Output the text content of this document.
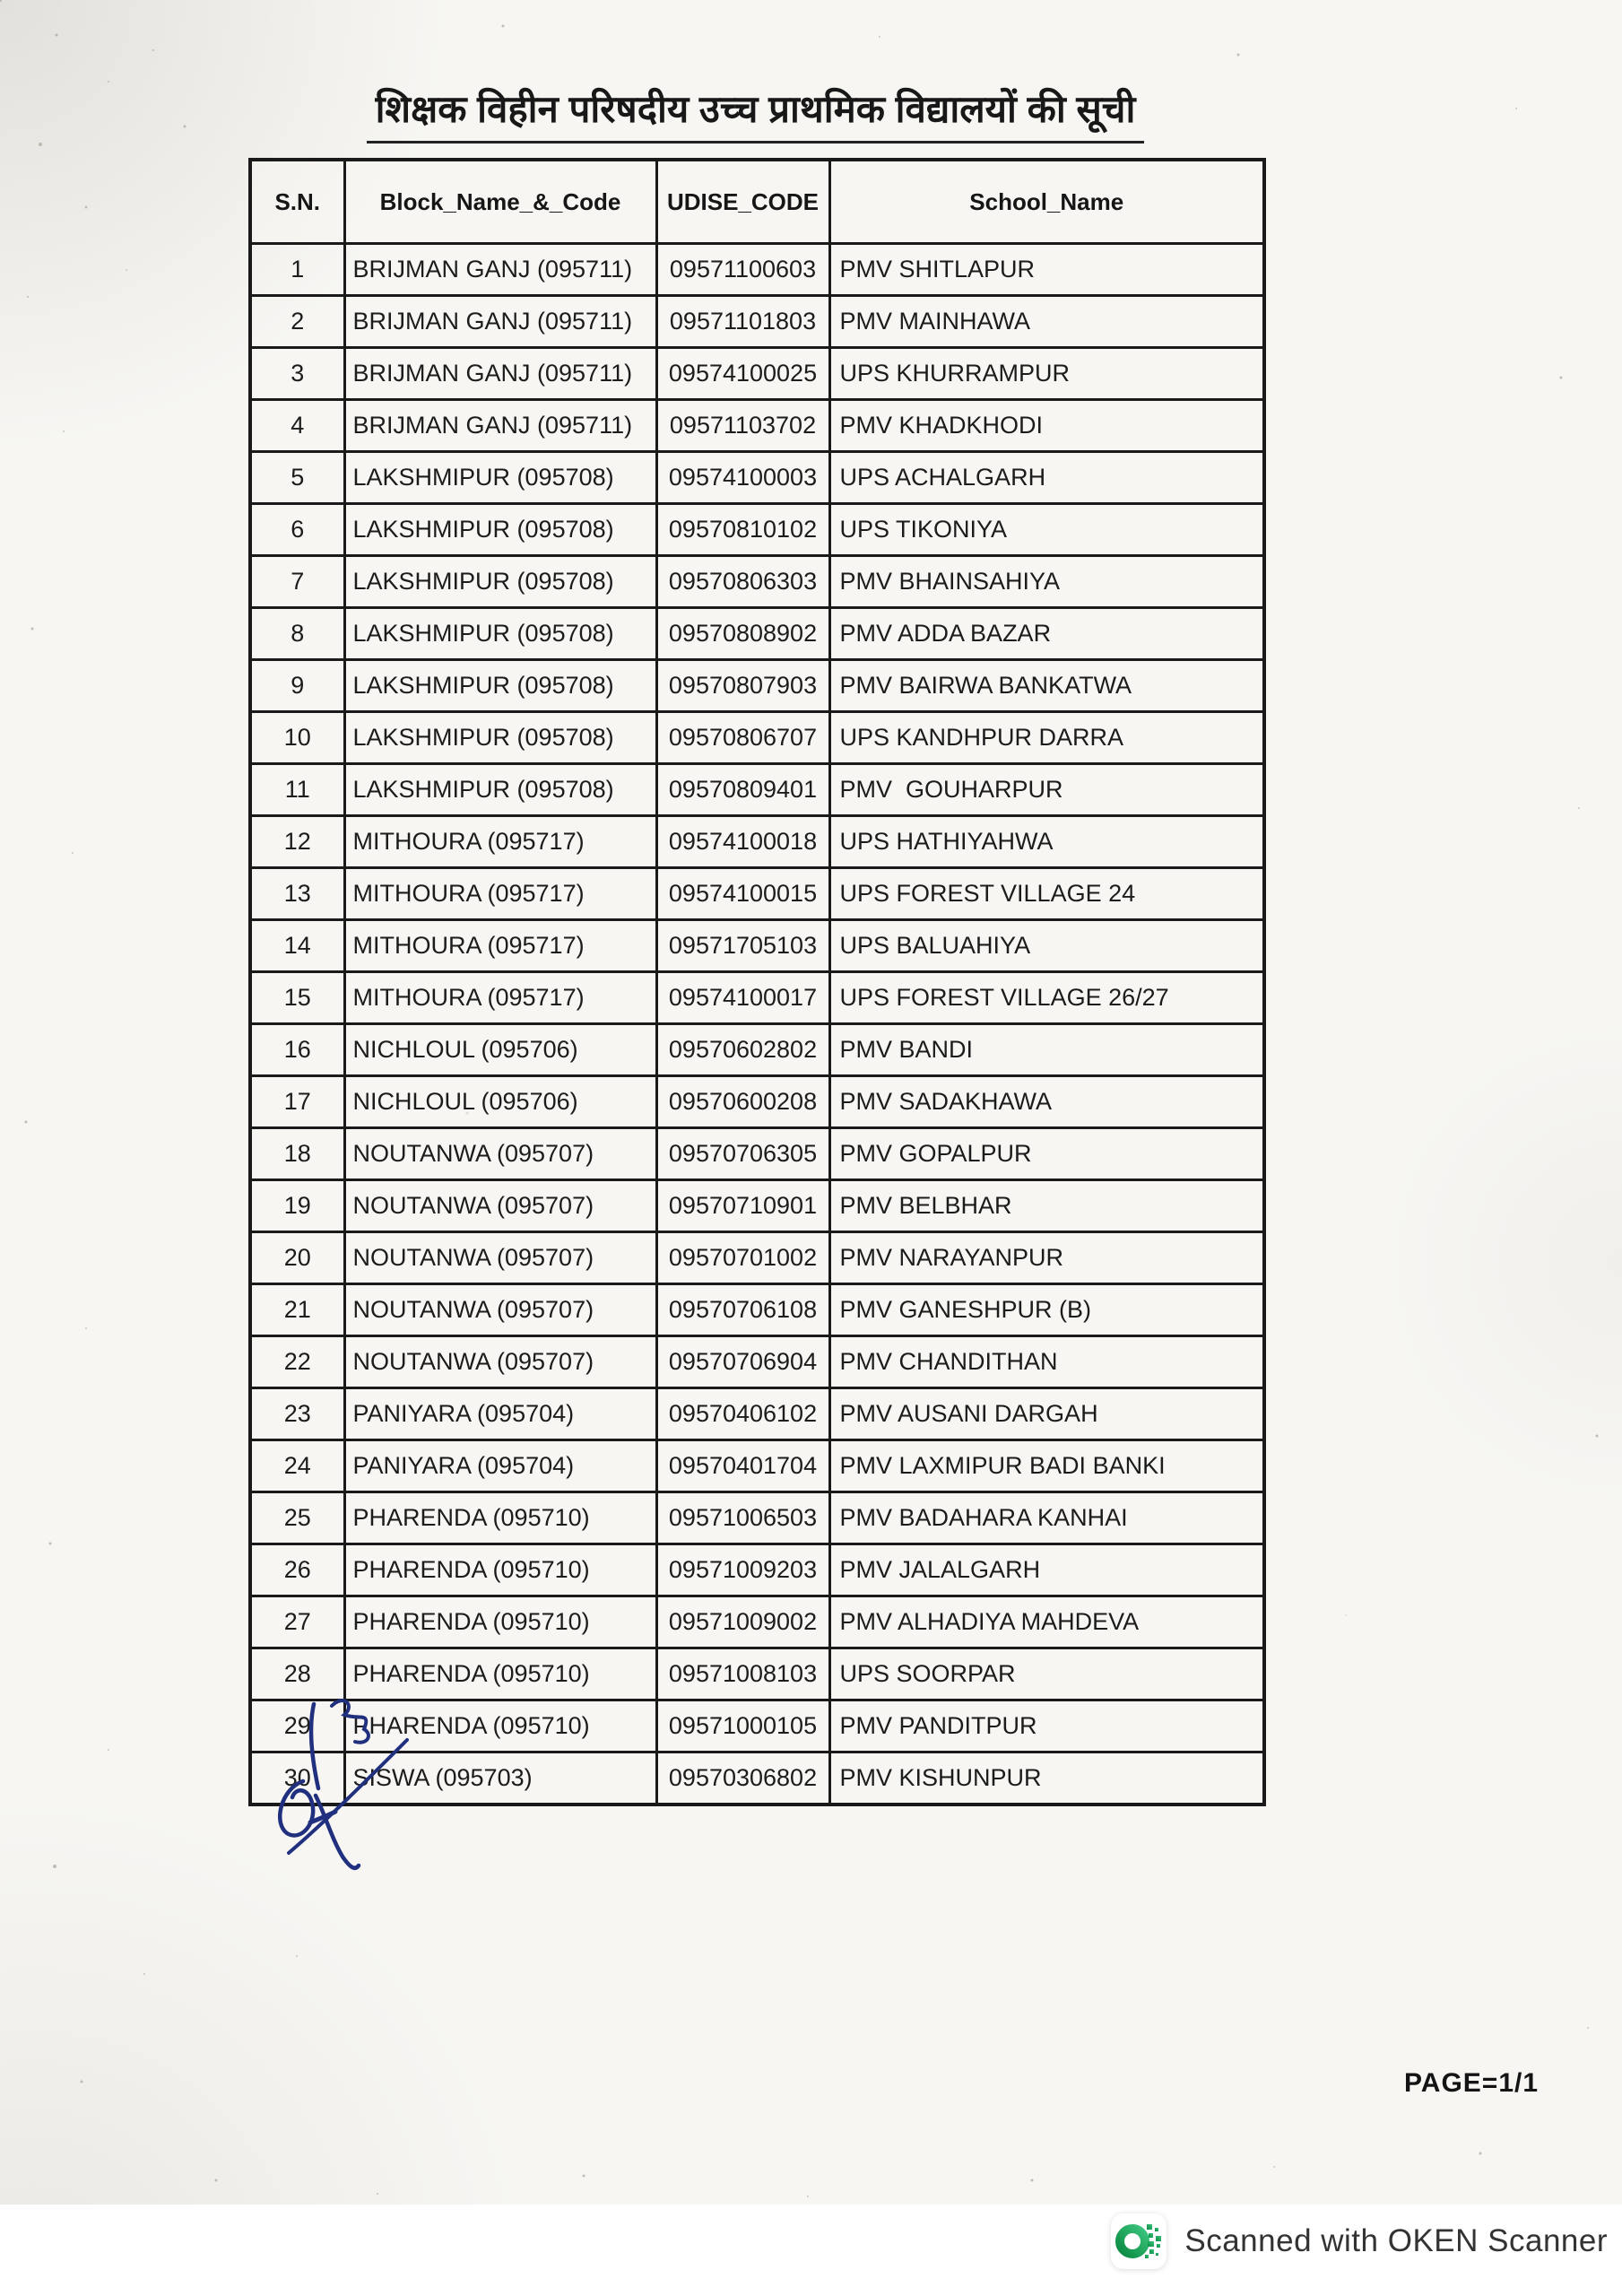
शिक्षक विहीन परिषदीय उच्च प्राथमिक विद्यालयों की सूची
S.N.	Block_Name_&_Code	UDISE_CODE	School_Name
1	BRIJMAN GANJ (095711)	09571100603	PMV SHITLAPUR
2	BRIJMAN GANJ (095711)	09571101803	PMV MAINHAWA
3	BRIJMAN GANJ (095711)	09574100025	UPS KHURRAMPUR
4	BRIJMAN GANJ (095711)	09571103702	PMV KHADKHODI
5	LAKSHMIPUR (095708)	09574100003	UPS ACHALGARH
6	LAKSHMIPUR (095708)	09570810102	UPS TIKONIYA
7	LAKSHMIPUR (095708)	09570806303	PMV BHAINSAHIYA
8	LAKSHMIPUR (095708)	09570808902	PMV ADDA BAZAR
9	LAKSHMIPUR (095708)	09570807903	PMV BAIRWA BANKATWA
10	LAKSHMIPUR (095708)	09570806707	UPS KANDHPUR DARRA
11	LAKSHMIPUR (095708)	09570809401	PMV  GOUHARPUR
12	MITHOURA (095717)	09574100018	UPS HATHIYAHWA
13	MITHOURA (095717)	09574100015	UPS FOREST VILLAGE 24
14	MITHOURA (095717)	09571705103	UPS BALUAHIYA
15	MITHOURA (095717)	09574100017	UPS FOREST VILLAGE 26/27
16	NICHLOUL (095706)	09570602802	PMV BANDI
17	NICHLOUL (095706)	09570600208	PMV SADAKHAWA
18	NOUTANWA (095707)	09570706305	PMV GOPALPUR
19	NOUTANWA (095707)	09570710901	PMV BELBHAR
20	NOUTANWA (095707)	09570701002	PMV NARAYANPUR
21	NOUTANWA (095707)	09570706108	PMV GANESHPUR (B)
22	NOUTANWA (095707)	09570706904	PMV CHANDITHAN
23	PANIYARA (095704)	09570406102	PMV AUSANI DARGAH
24	PANIYARA (095704)	09570401704	PMV LAXMIPUR BADI BANKI
25	PHARENDA (095710)	09571006503	PMV BADAHARA KANHAI
26	PHARENDA (095710)	09571009203	PMV JALALGARH
27	PHARENDA (095710)	09571009002	PMV ALHADIYA MAHDEVA
28	PHARENDA (095710)	09571008103	UPS SOORPAR
29	PHARENDA (095710)	09571000105	PMV PANDITPUR
30	SISWA (095703)	09570306802	PMV KISHUNPUR
PAGE=1/1
Scanned with OKEN Scanner
